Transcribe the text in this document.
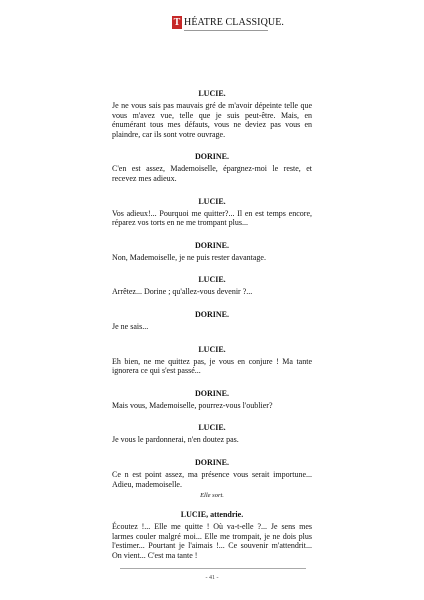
T HÉATRE CLASSIQUE.
LUCIE.
Je ne vous sais pas mauvais gré de m'avoir dépeinte telle que vous m'avez vue, telle que je suis peut-être. Mais, en énumérant tous mes défauts, vous ne deviez pas vous en plaindre, car ils sont votre ouvrage.
DORINE.
C'en est assez, Mademoiselle, épargnez-moi le reste, et recevez mes adieux.
LUCIE.
Vos adieux!... Pourquoi me quitter?... Il en est temps encore, réparez vos torts en ne me trompant plus...
DORINE.
Non, Mademoiselle, je ne puis rester davantage.
LUCIE.
Arrêtez... Dorine ; qu'allez-vous devenir ?...
DORINE.
Je ne sais...
LUCIE.
Eh bien, ne me quittez pas, je vous en conjure ! Ma tante ignorera ce qui s'est passé...
DORINE.
Mais vous, Mademoiselle, pourrez-vous l'oublier?
LUCIE.
Je vous le pardonnerai, n'en doutez pas.
DORINE.
Ce n est point assez, ma présence vous serait importune... Adieu, mademoiselle.
Elle sort.
LUCIE, attendrie.
Écoutez !... Elle me quitte ! Où va-t-elle ?... Je sens mes larmes couler malgré moi... Elle me trompait, je ne dois plus l'estimer... Pourtant je l'aimais !... Ce souvenir m'attendrit... On vient... C'est ma tante !
- 41 -
